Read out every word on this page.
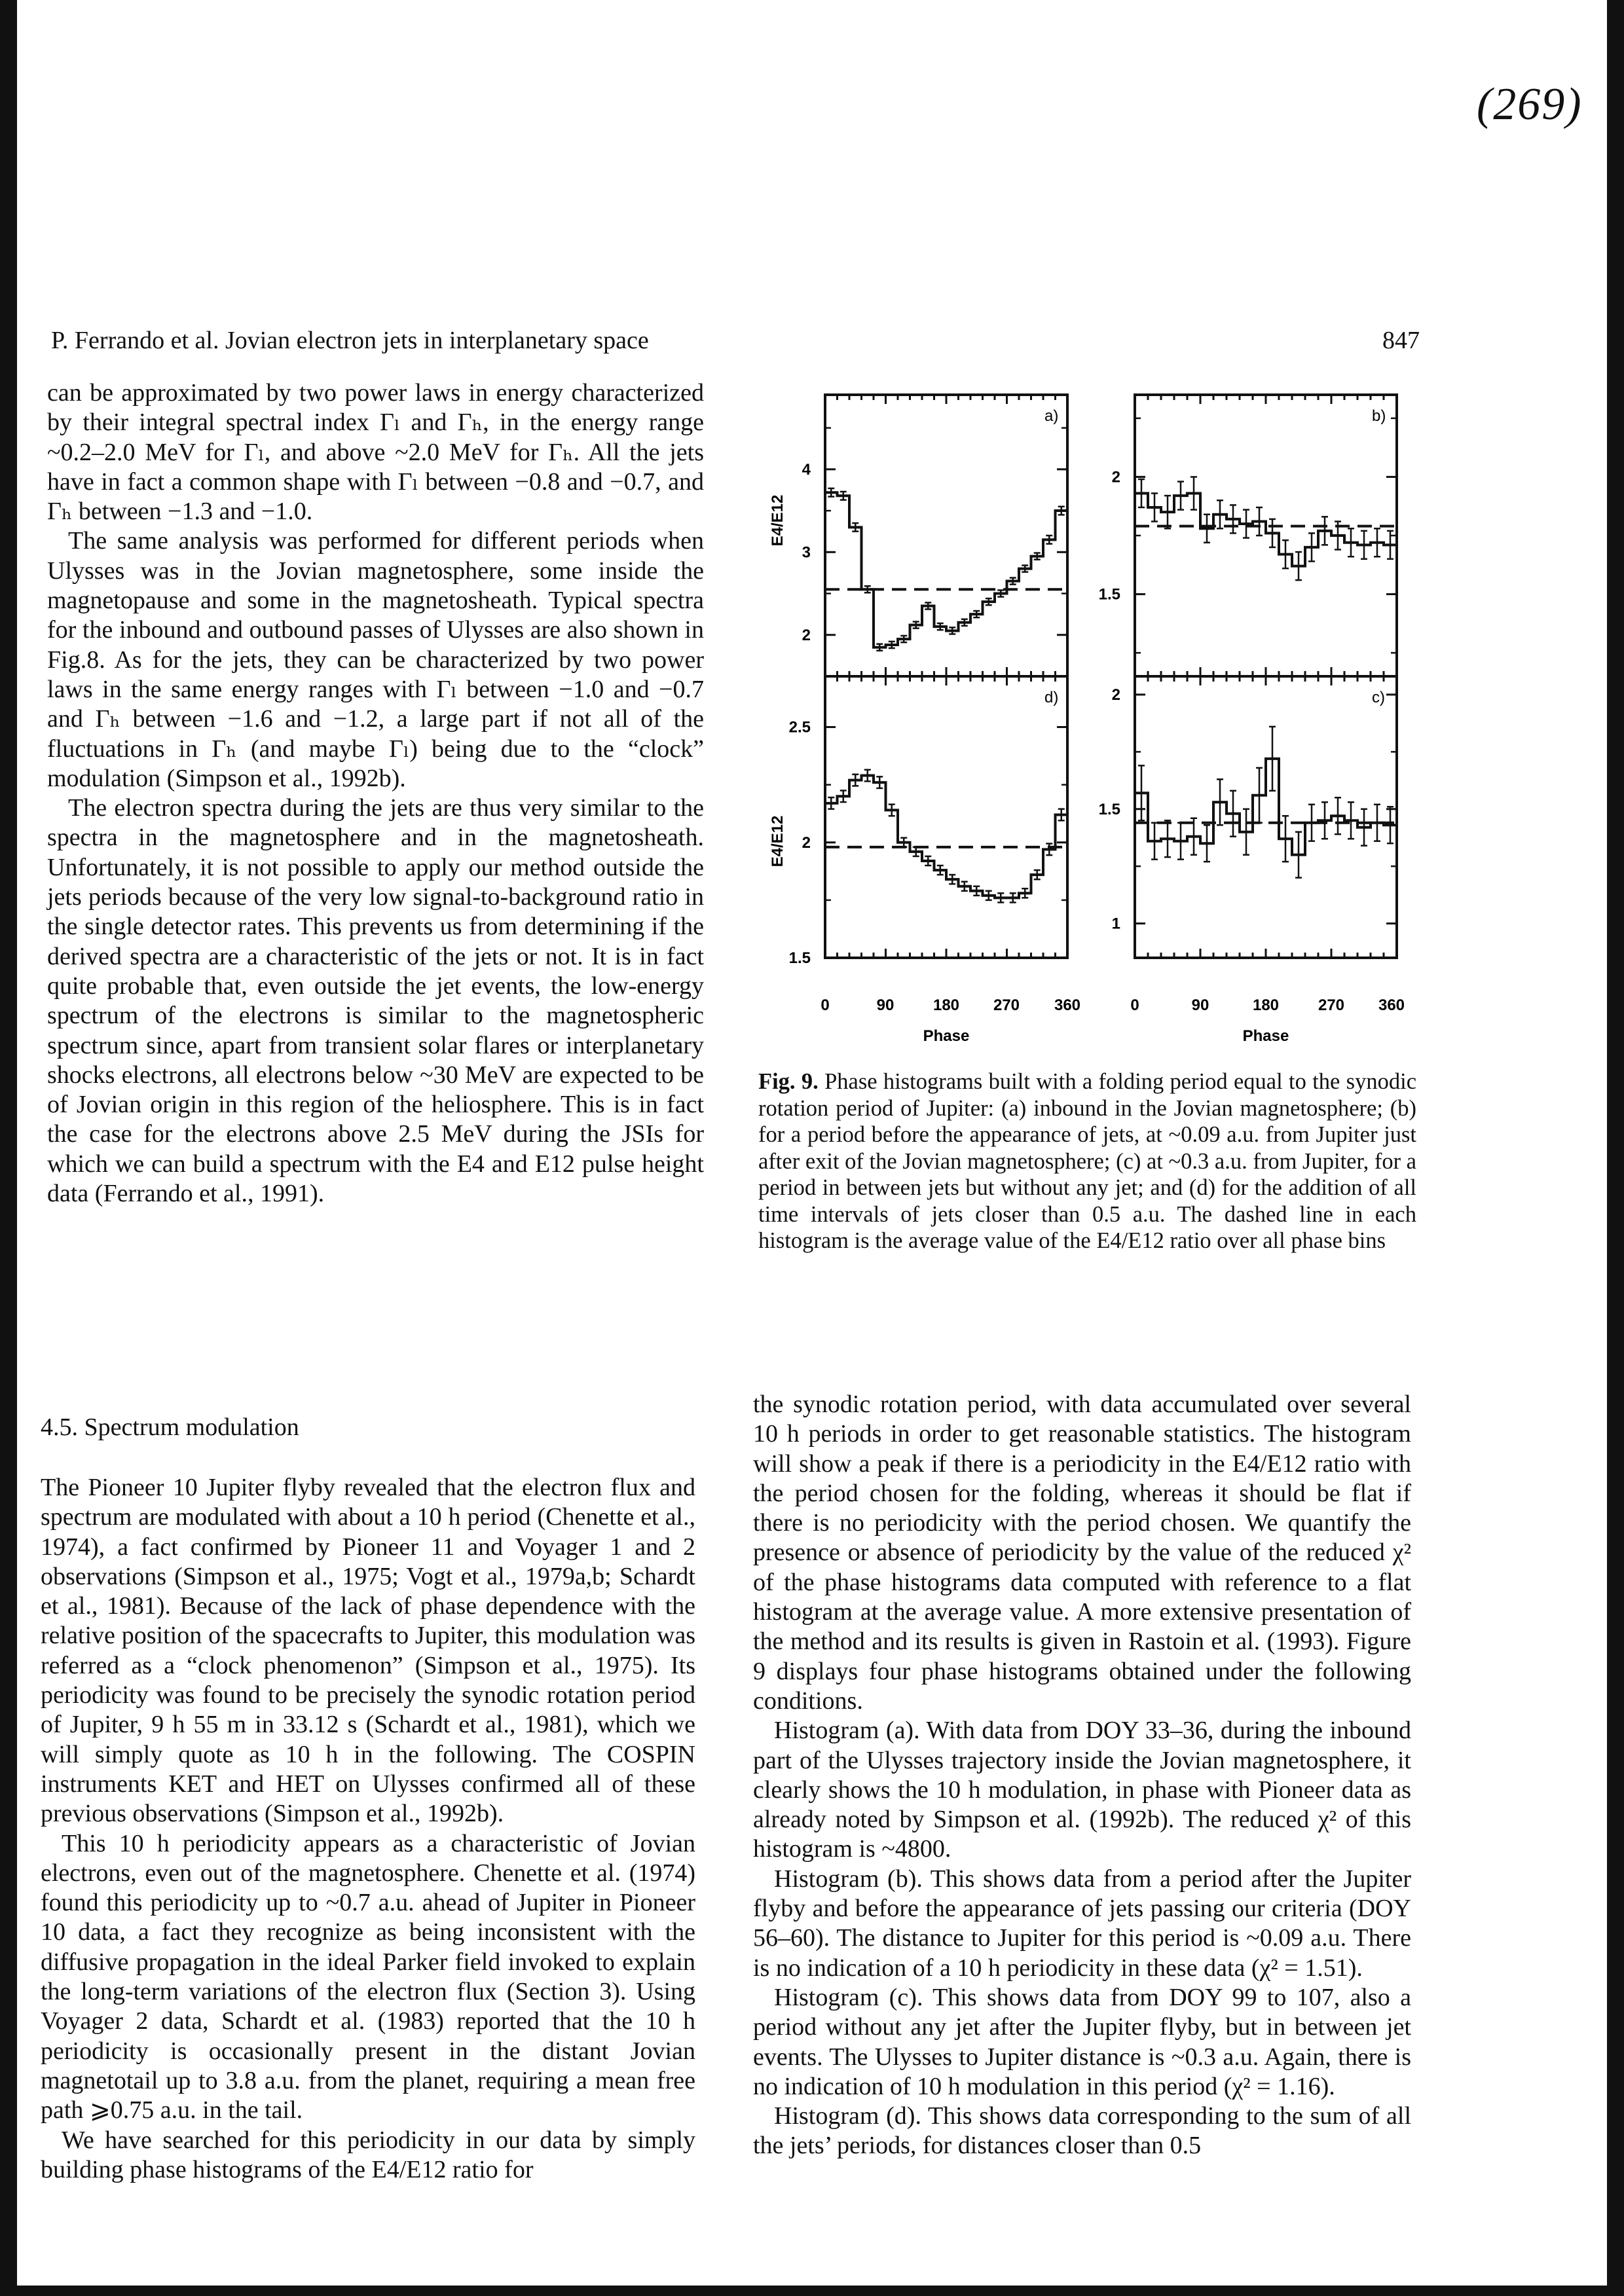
(269)
P. Ferrando et al. Jovian electron jets in interplanetary space	847

can be approximated by two power laws in energy characterized by their integral spectral index Γₗ and Γₕ, in the energy range ~0.2–2.0 MeV for Γₗ, and above ~2.0 MeV for Γₕ. All the jets have in fact a common shape with Γₗ between −0.8 and −0.7, and Γₕ between −1.3 and −1.0.

The same analysis was performed for different periods when Ulysses was in the Jovian magnetosphere, some inside the magnetopause and some in the magnetosheath. Typical spectra for the inbound and outbound passes of Ulysses are also shown in Fig.8. As for the jets, they can be characterized by two power laws in the same energy ranges with Γₗ between −1.0 and −0.7 and Γₕ between −1.6 and −1.2, a large part if not all of the fluctuations in Γₕ (and maybe Γₗ) being due to the “clock” modulation (Simpson et al., 1992b).

The electron spectra during the jets are thus very similar to the spectra in the magnetosphere and in the magnetosheath. Unfortunately, it is not possible to apply our method outside the jets periods because of the very low signal-to-background ratio in the single detector rates. This prevents us from determining if the derived spectra are a characteristic of the jets or not. It is in fact quite probable that, even outside the jet events, the low-energy spectrum of the electrons is similar to the magnetospheric spectrum since, apart from transient solar flares or interplanetary shocks electrons, all electrons below ~30 MeV are expected to be of Jovian origin in this region of the heliosphere. This is in fact the case for the electrons above 2.5 MeV during the JSIs for which we can build a spectrum with the E4 and E12 pulse height data (Ferrando et al., 1991).

4.5. Spectrum modulation

The Pioneer 10 Jupiter flyby revealed that the electron flux and spectrum are modulated with about a 10 h period (Chenette et al., 1974), a fact confirmed by Pioneer 11 and Voyager 1 and 2 observations (Simpson et al., 1975; Vogt et al., 1979a,b; Schardt et al., 1981). Because of the lack of phase dependence with the relative position of the spacecrafts to Jupiter, this modulation was referred as a “clock phenomenon” (Simpson et al., 1975). Its periodicity was found to be precisely the synodic rotation period of Jupiter, 9 h 55 m in 33.12 s (Schardt et al., 1981), which we will simply quote as 10 h in the following. The COSPIN instruments KET and HET on Ulysses confirmed all of these previous observations (Simpson et al., 1992b).

This 10 h periodicity appears as a characteristic of Jovian electrons, even out of the magnetosphere. Chenette et al. (1974) found this periodicity up to ~0.7 a.u. ahead of Jupiter in Pioneer 10 data, a fact they recognize as being inconsistent with the diffusive propagation in the ideal Parker field invoked to explain the long-term variations of the electron flux (Section 3). Using Voyager 2 data, Schardt et al. (1983) reported that the 10 h periodicity is occasionally present in the distant Jovian magnetotail up to 3.8 a.u. from the planet, requiring a mean free path ⩾0.75 a.u. in the tail.

We have searched for this periodicity in our data by simply building phase histograms of the E4/E12 ratio for

the synodic rotation period, with data accumulated over several 10 h periods in order to get reasonable statistics. The histogram will show a peak if there is a periodicity in the E4/E12 ratio with the period chosen for the folding, whereas it should be flat if there is no periodicity with the period chosen. We quantify the presence or absence of periodicity by the value of the reduced χ² of the phase histograms data computed with reference to a flat histogram at the average value. A more extensive presentation of the method and its results is given in Rastoin et al. (1993). Figure 9 displays four phase histograms obtained under the following conditions.

Histogram (a). With data from DOY 33–36, during the inbound part of the Ulysses trajectory inside the Jovian magnetosphere, it clearly shows the 10 h modulation, in phase with Pioneer data as already noted by Simpson et al. (1992b). The reduced χ² of this histogram is ~4800.

Histogram (b). This shows data from a period after the Jupiter flyby and before the appearance of jets passing our criteria (DOY 56–60). The distance to Jupiter for this period is ~0.09 a.u. There is no indication of a 10 h periodicity in these data (χ² = 1.51).

Histogram (c). This shows data from DOY 99 to 107, also a period without any jet after the Jupiter flyby, but in between jet events. The Ulysses to Jupiter distance is ~0.3 a.u. Again, there is no indication of 10 h modulation in this period (χ² = 1.16).

Histogram (d). This shows data corresponding to the sum of all the jets’ periods, for distances closer than 0.5

E4/E12
E4/E12
a)
d)
b)
c)
Phase	Phase
0	90 180 270 360	0	90	180 270 360
2
3
4
1.5
2
1
1.5
2
1.5
2
2.5
Fig. 9. Phase histograms built with a folding period equal to the synodic rotation period of Jupiter: (a) inbound in the Jovian magnetosphere; (b) for a period before the appearance of jets, at ~0.09 a.u. from Jupiter just after exit of the Jovian magnetosphere; (c) at ~0.3 a.u. from Jupiter, for a period in between jets but without any jet; and (d) for the addition of all time intervals of jets closer than 0.5 a.u. The dashed line in each histogram is the average value of the E4/E12 ratio over all phase bins
